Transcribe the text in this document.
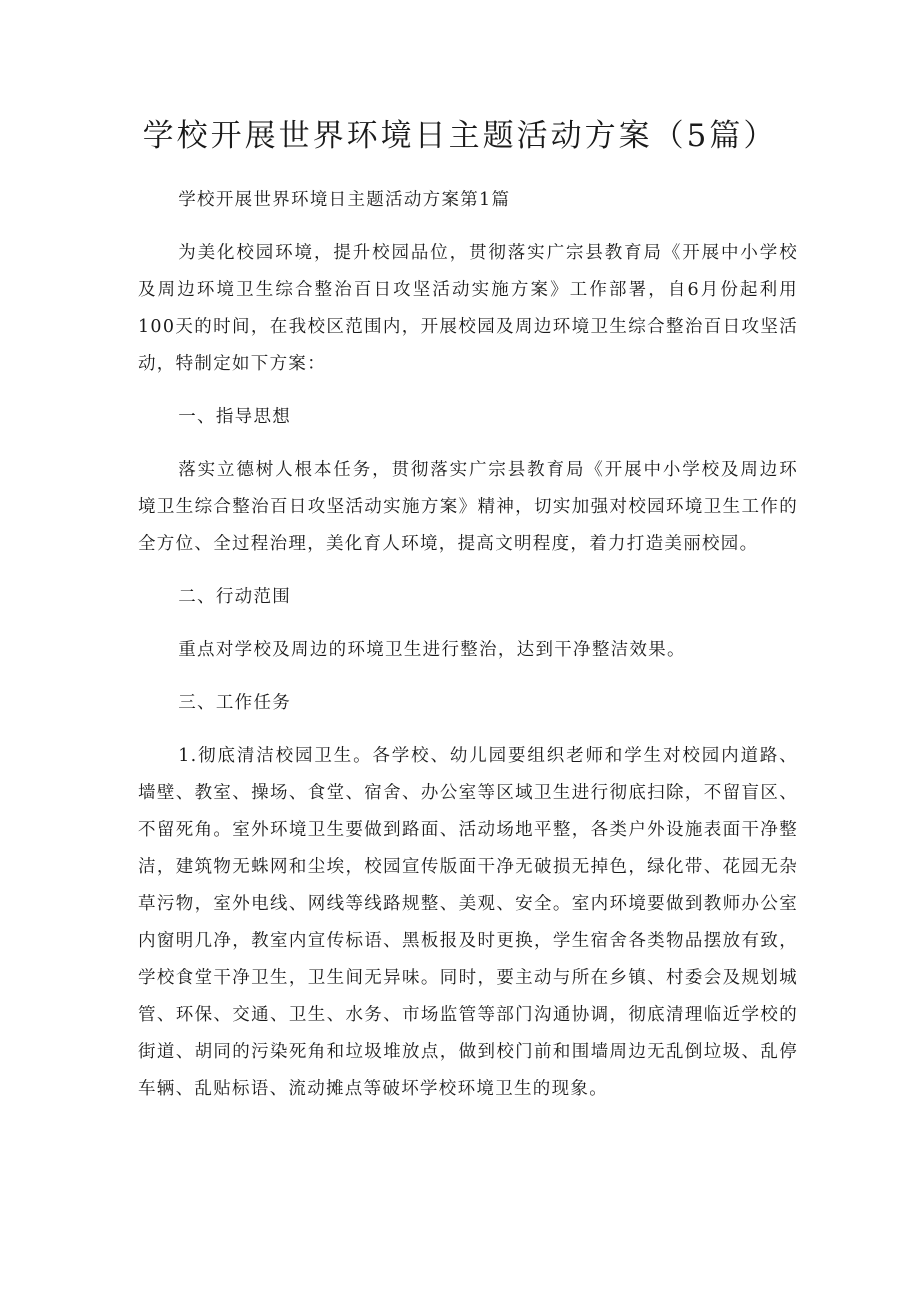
学校开展世界环境日主题活动方案（5篇）

学校开展世界环境日主题活动方案第1篇

为美化校园环境，提升校园品位，贯彻落实广宗县教育局《开展中小学校及周边环境卫生综合整治百日攻坚活动实施方案》工作部署，自6月份起利用100天的时间，在我校区范围内，开展校园及周边环境卫生综合整治百日攻坚活动，特制定如下方案：

一、指导思想

落实立德树人根本任务，贯彻落实广宗县教育局《开展中小学校及周边环境卫生综合整治百日攻坚活动实施方案》精神，切实加强对校园环境卫生工作的全方位、全过程治理，美化育人环境，提高文明程度，着力打造美丽校园。

二、行动范围

重点对学校及周边的环境卫生进行整治，达到干净整洁效果。

三、工作任务

1.彻底清洁校园卫生。各学校、幼儿园要组织老师和学生对校园内道路、墙壁、教室、操场、食堂、宿舍、办公室等区域卫生进行彻底扫除，不留盲区、不留死角。室外环境卫生要做到路面、活动场地平整，各类户外设施表面干净整洁，建筑物无蛛网和尘埃，校园宣传版面干净无破损无掉色，绿化带、花园无杂草污物，室外电线、网线等线路规整、美观、安全。室内环境要做到教师办公室内窗明几净，教室内宣传标语、黑板报及时更换，学生宿舍各类物品摆放有致，学校食堂干净卫生，卫生间无异味。同时，要主动与所在乡镇、村委会及规划城管、环保、交通、卫生、水务、市场监管等部门沟通协调，彻底清理临近学校的街道、胡同的污染死角和垃圾堆放点，做到校门前和围墙周边无乱倒垃圾、乱停车辆、乱贴标语、流动摊点等破坏学校环境卫生的现象。
